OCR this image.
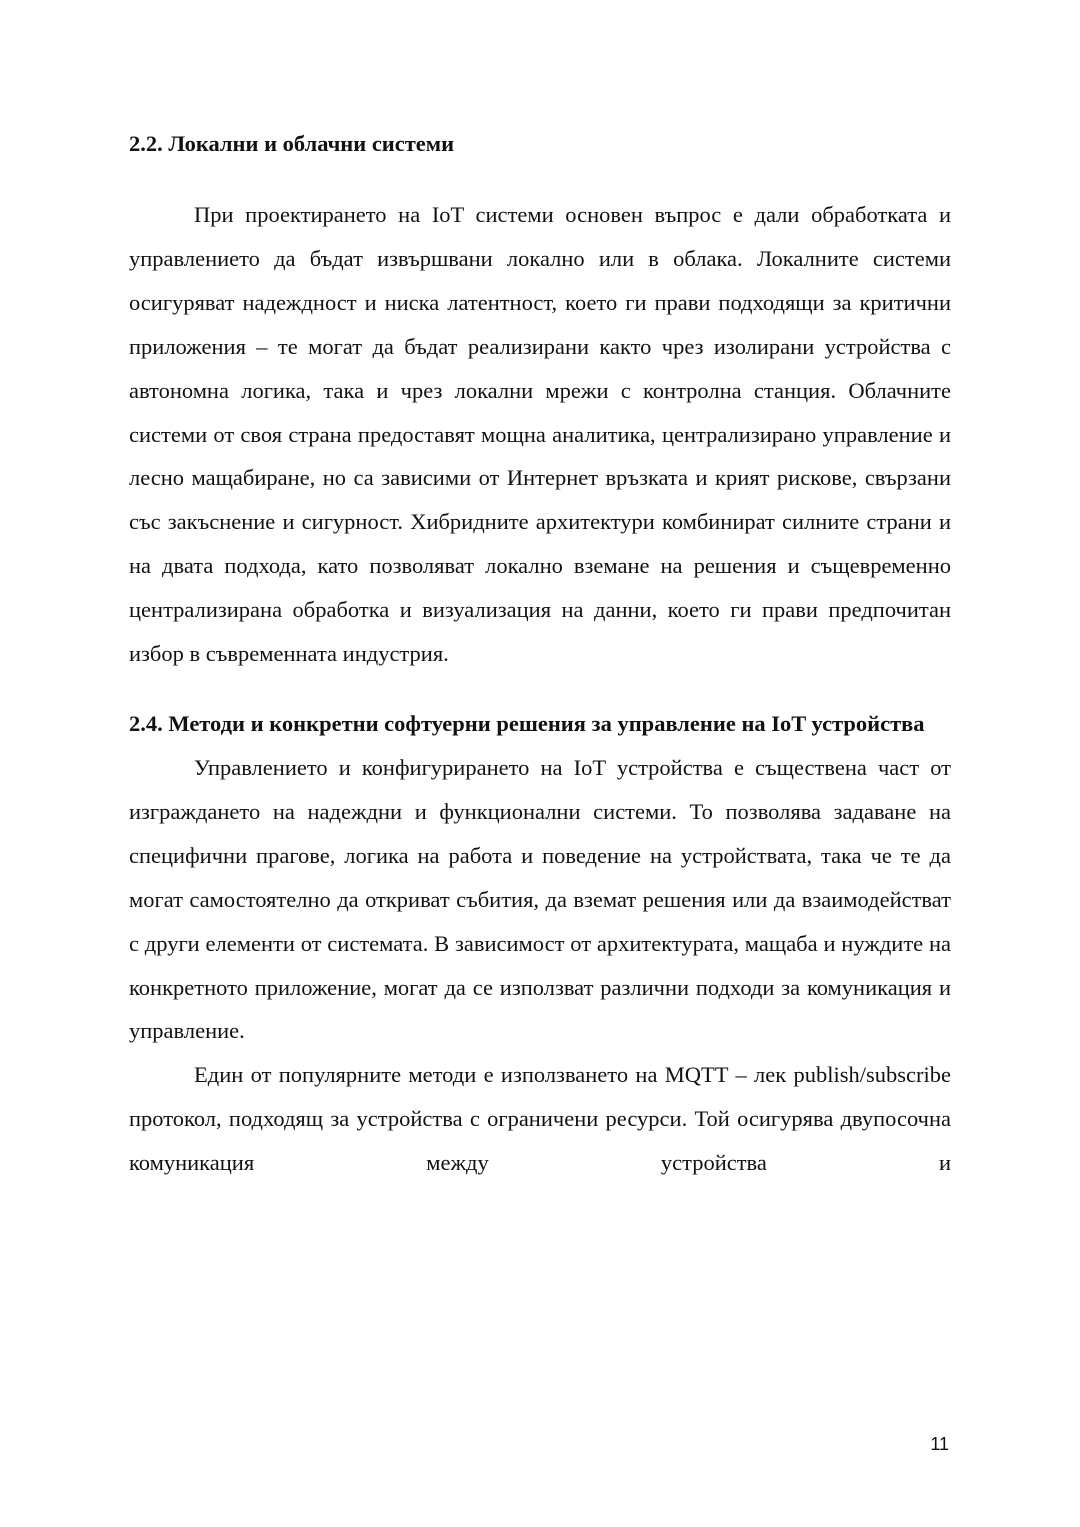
2.2. Локални и облачни системи

При проектирането на IoT системи основен въпрос е дали обработката и управлението да бъдат извършвани локално или в облака. Локалните системи осигуряват надеждност и ниска латентност, което ги прави подходящи за критични приложения – те могат да бъдат реализирани както чрез изолирани устройства с автономна логика, така и чрез локални мрежи с контролна станция. Облачните системи от своя страна предоставят мощна аналитика, централизирано управление и лесно мащабиране, но са зависими от Интернет връзката и крият рискове, свързани със закъснение и сигурност. Хибридните архитектури комбинират силните страни и на двата подхода, като позволяват локално вземане на решения и същевременно централизирана обработка и визуализация на данни, което ги прави предпочитан избор в съвременната индустрия.

2.4. Методи и конкретни софтуерни решения за управление на IoT устройства

Управлението и конфигурирането на IoT устройства е съществена част от изграждането на надеждни и функционални системи. То позволява задаване на специфични прагове, логика на работа и поведение на устройствата, така че те да могат самостоятелно да откриват събития, да вземат решения или да взаимодействат с други елементи от системата. В зависимост от архитектурата, мащаба и нуждите на конкретното приложение, могат да се използват различни подходи за комуникация и управление.

Един от популярните методи е използването на MQTT – лек publish/subscribe протокол, подходящ за устройства с ограничени ресурси. Той осигурява двупосочна комуникация между устройства и

11
